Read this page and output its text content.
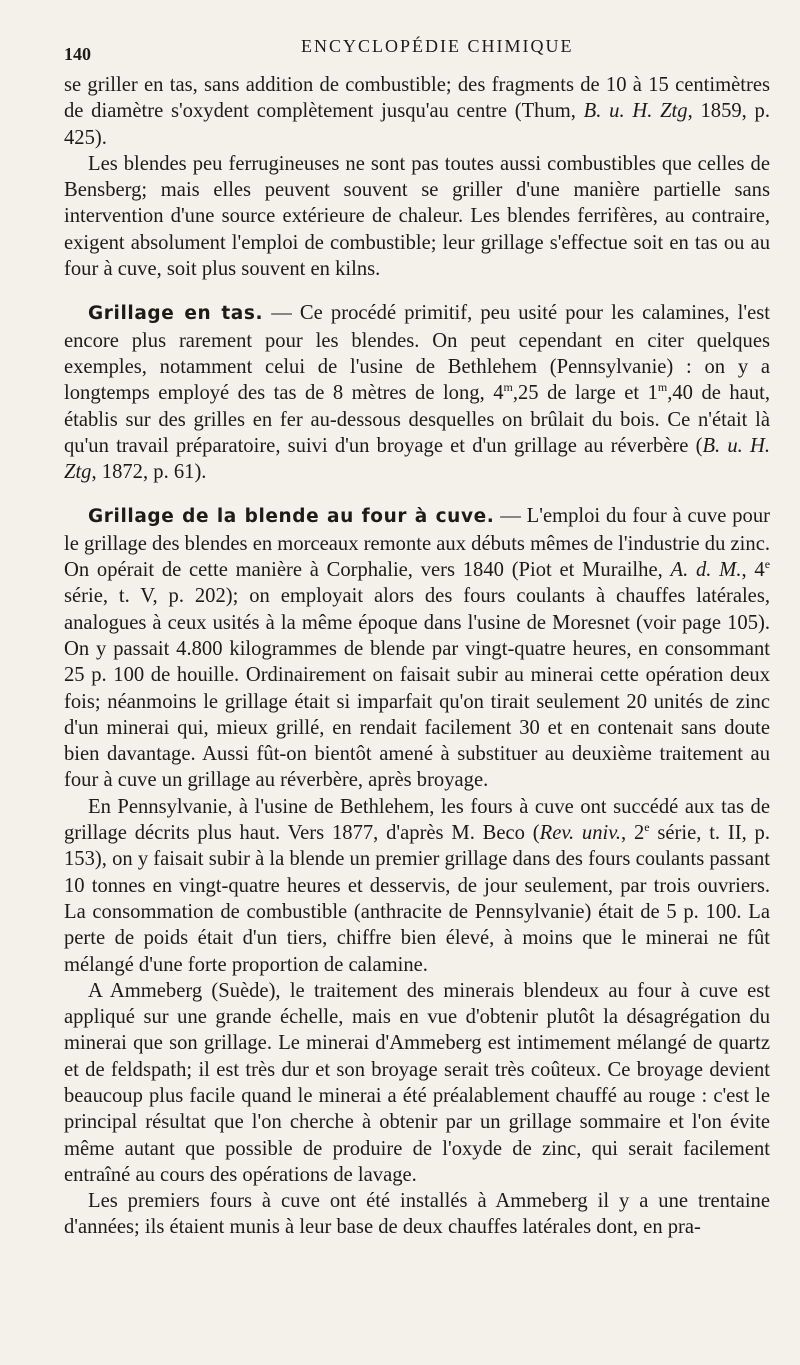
140	ENCYCLOPÉDIE CHIMIQUE

se griller en tas, sans addition de combustible; des fragments de 10 à 15 centimètres de diamètre s'oxydent complètement jusqu'au centre (Thum, B. u. H. Ztg, 1859, p. 425).

Les blendes peu ferrugineuses ne sont pas toutes aussi combustibles que celles de Bensberg; mais elles peuvent souvent se griller d'une manière partielle sans intervention d'une source extérieure de chaleur. Les blendes ferrifères, au contraire, exigent absolument l'emploi de combustible; leur grillage s'effectue soit en tas ou au four à cuve, soit plus souvent en kilns.

Grillage en tas. — Ce procédé primitif, peu usité pour les calamines, l'est encore plus rarement pour les blendes. On peut cependant en citer quelques exemples, notamment celui de l'usine de Bethlehem (Pennsylvanie) : on y a longtemps employé des tas de 8 mètres de long, 4$^m$,25 de large et 1$^m$,40 de haut, établis sur des grilles en fer au-dessous desquelles on brûlait du bois. Ce n'était là qu'un travail préparatoire, suivi d'un broyage et d'un grillage au réverbère (B. u. H. Ztg, 1872, p. 61).

Grillage de la blende au four à cuve. — L'emploi du four à cuve pour le grillage des blendes en morceaux remonte aux débuts mêmes de l'industrie du zinc. On opérait de cette manière à Corphalie, vers 1840 (Piot et Murailhe, A. d. M., 4e série, t. V, p. 202); on employait alors des fours coulants à chauffes latérales, analogues à ceux usités à la même époque dans l'usine de Moresnet (voir page 105). On y passait 4.800 kilogrammes de blende par vingt-quatre heures, en consommant 25 p. 100 de houille. Ordinairement on faisait subir au minerai cette opération deux fois; néanmoins le grillage était si imparfait qu'on tirait seulement 20 unités de zinc d'un minerai qui, mieux grillé, en rendait facilement 30 et en contenait sans doute bien davantage. Aussi fût-on bientôt amené à substituer au deuxième traitement au four à cuve un grillage au réverbère, après broyage.

En Pennsylvanie, à l'usine de Bethlehem, les fours à cuve ont succédé aux tas de grillage décrits plus haut. Vers 1877, d'après M. Beco (Rev. univ., 2e série, t. II, p. 153), on y faisait subir à la blende un premier grillage dans des fours coulants passant 10 tonnes en vingt-quatre heures et desservis, de jour seulement, par trois ouvriers. La consommation de combustible (anthracite de Pennsylvanie) était de 5 p. 100. La perte de poids était d'un tiers, chiffre bien élevé, à moins que le minerai ne fût mélangé d'une forte proportion de calamine.

A Ammeberg (Suède), le traitement des minerais blendeux au four à cuve est appliqué sur une grande échelle, mais en vue d'obtenir plutôt la désagrégation du minerai que son grillage. Le minerai d'Ammeberg est intimement mélangé de quartz et de feldspath; il est très dur et son broyage serait très coûteux. Ce broyage devient beaucoup plus facile quand le minerai a été préalablement chauffé au rouge : c'est le principal résultat que l'on cherche à obtenir par un grillage sommaire et l'on évite même autant que possible de produire de l'oxyde de zinc, qui serait facilement entraîné au cours des opérations de lavage.

Les premiers fours à cuve ont été installés à Ammeberg il y a une trentaine d'années; ils étaient munis à leur base de deux chauffes latérales dont, en pra-
